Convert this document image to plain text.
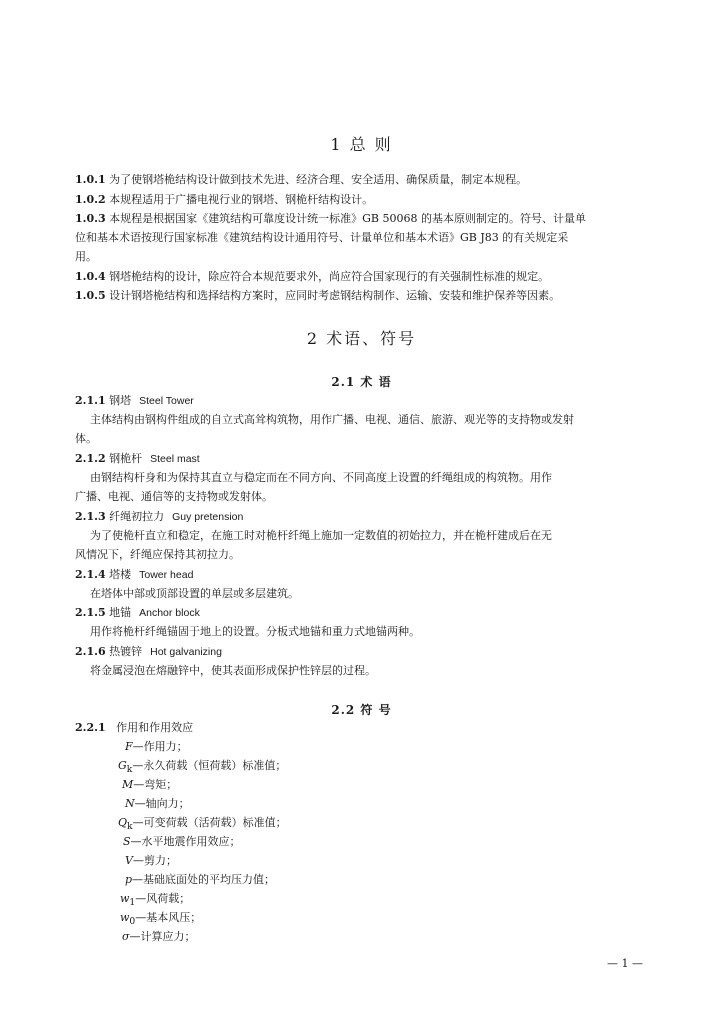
1 总 则
1.0.1 为了使钢塔桅结构设计做到技术先进、经济合理、安全适用、确保质量，制定本规程。
1.0.2 本规程适用于广播电视行业的钢塔、钢桅杆结构设计。
1.0.3 本规程是根据国家《建筑结构可靠度设计统一标准》GB 50068 的基本原则制定的。符号、计量单
位和基本术语按现行国家标准《建筑结构设计通用符号、计量单位和基本术语》GB J83 的有关规定采
用。
1.0.4 钢塔桅结构的设计，除应符合本规范要求外，尚应符合国家现行的有关强制性标准的规定。
1.0.5 设计钢塔桅结构和选择结构方案时，应同时考虑钢结构制作、运输、安装和维护保养等因素。
2 术语、符号
2.1 术 语
2.1.1 钢塔 Steel Tower
主体结构由钢构件组成的自立式高耸构筑物，用作广播、电视、通信、旅游、观光等的支持物或发射
体。
2.1.2 钢桅杆 Steel mast
由钢结构杆身和为保持其直立与稳定而在不同方向、不同高度上设置的纤绳组成的构筑物。用作
广播、电视、通信等的支持物或发射体。
2.1.3 纤绳初拉力 Guy pretension
为了使桅杆直立和稳定，在施工时对桅杆纤绳上施加一定数值的初始拉力，并在桅杆建成后在无
风情况下，纤绳应保持其初拉力。
2.1.4 塔楼 Tower head
在塔体中部或顶部设置的单层或多层建筑。
2.1.5 地锚 Anchor block
用作将桅杆纤绳锚固于地上的设置。分板式地锚和重力式地锚两种。
2.1.6 热镀锌 Hot galvanizing
将金属浸泡在熔融锌中，使其表面形成保护性锌层的过程。
2.2 符 号
2.2.1 作用和作用效应
F—作用力；
$G_k—$永久荷载（恒荷载）标准值；
M—弯矩；
N—轴向力；
$Q_k—$可变荷载（活荷载）标准值；
S—水平地震作用效应；
V—剪力；
p—基础底面处的平均压力值；
$w_1—$风荷载；
$w_0—$基本风压；
σ—计算应力；
— 1 —
